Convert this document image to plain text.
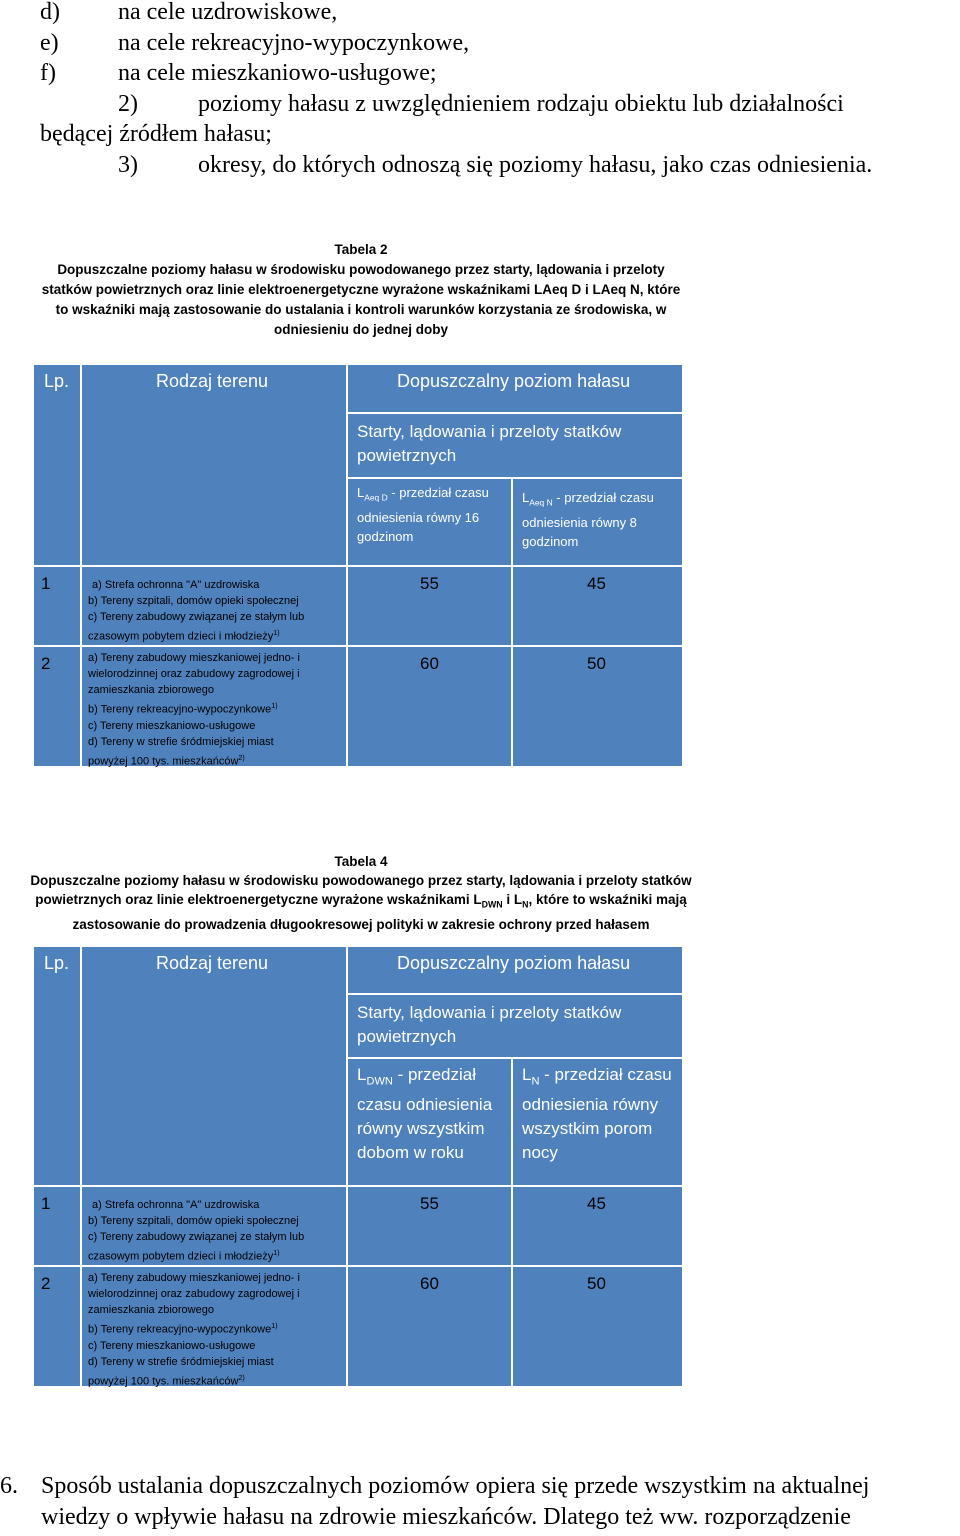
d) na cele uzdrowiskowe,
e) na cele rekreacyjno-wypoczynkowe,
f)	na cele mieszkaniowo-usługowe;
2)	poziomy hałasu z uwzględnieniem rodzaju obiektu lub działalności
będącej źródłem hałasu;
3)	okresy, do których odnoszą się poziomy hałasu, jako czas odniesienia.
Tabela 2
Dopuszczalne poziomy hałasu w środowisku powodowanego przez starty, lądowania i przeloty
statków powietrznych oraz linie elektroenergetyczne wyrażone wskaźnikami LAeq D i LAeq N, które
to wskaźniki mają zastosowanie do ustalania i kontroli warunków korzystania ze środowiska, w
odniesieniu do jednej doby
Lp.	Rodzaj terenu	Dopuszczalny poziom hałasu
Starty, lądowania i przeloty statków powietrznych
$L_{Aeq D}$ - przedział czasu odniesienia równy 16 godzinom
$L_{Aeq N}$ - przedział czasu odniesienia równy 8 godzinom
1	a) Strefa ochronna "A" uzdrowiska
b) Tereny szpitali, domów opieki społecznej
c) Tereny zabudowy związanej ze stałym lub
czasowym pobytem dzieci i młodzieży$^{1)}$
55	45
2	a) Tereny zabudowy mieszkaniowej jedno- i
wielorodzinnej oraz zabudowy zagrodowej i
zamieszkania zbiorowego
b) Tereny rekreacyjno-wypoczynkowe$^{1)}$
c) Tereny mieszkaniowo-usługowe
d) Tereny w strefie śródmiejskiej miast
powyżej 100 tys. mieszkańców$^{2)}$
60	50
Tabela 4
Dopuszczalne poziomy hałasu w środowisku powodowanego przez starty, lądowania i przeloty statków
powietrznych oraz linie elektroenergetyczne wyrażone wskaźnikami $L_{DWN}$ i $L_N$, które to wskaźniki mają
zastosowanie do prowadzenia długookresowej polityki w zakresie ochrony przed hałasem
Lp.	Rodzaj terenu	Dopuszczalny poziom hałasu
Starty, lądowania i przeloty statków powietrznych
$L_{DWN}$ - przedział czasu odniesienia równy wszystkim dobom w roku
$L_N$ - przedział czasu odniesienia równy wszystkim porom nocy
1	a) Strefa ochronna "A" uzdrowiska
b) Tereny szpitali, domów opieki społecznej
c) Tereny zabudowy związanej ze stałym lub
czasowym pobytem dzieci i młodzieży$^{1)}$
55	45
2	a) Tereny zabudowy mieszkaniowej jedno- i
wielorodzinnej oraz zabudowy zagrodowej i
zamieszkania zbiorowego
b) Tereny rekreacyjno-wypoczynkowe$^{1)}$
c) Tereny mieszkaniowo-usługowe
d) Tereny w strefie śródmiejskiej miast
powyżej 100 tys. mieszkańców$^{2)}$
60	50
6. Sposób ustalania dopuszczalnych poziomów opiera się przede wszystkim na aktualnej
wiedzy o wpływie hałasu na zdrowie mieszkańców. Dlatego też ww. rozporządzenie
